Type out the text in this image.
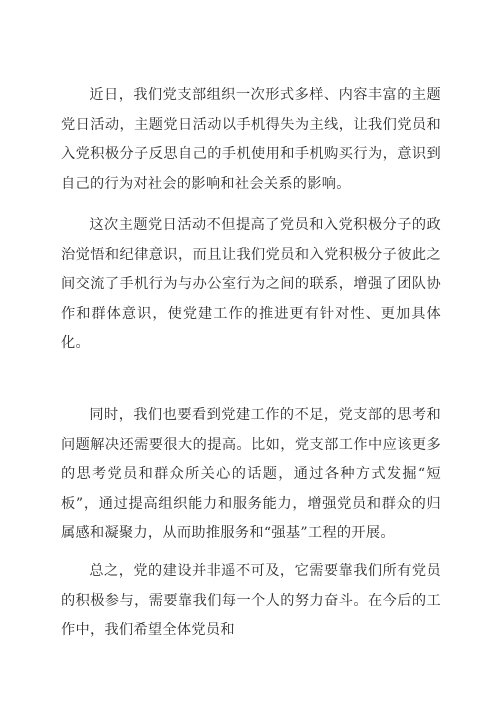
近日，我们党支部组织一次形式多样、内容丰富的主题党日活动，主题党日活动以手机得失为主线，让我们党员和入党积极分子反思自己的手机使用和手机购买行为，意识到自己的行为对社会的影响和社会关系的影响。

这次主题党日活动不但提高了党员和入党积极分子的政治觉悟和纪律意识，而且让我们党员和入党积极分子彼此之间交流了手机行为与办公室行为之间的联系，增强了团队协作和群体意识，使党建工作的推进更有针对性、更加具体化。

同时，我们也要看到党建工作的不足，党支部的思考和问题解决还需要很大的提高。比如，党支部工作中应该更多的思考党员和群众所关心的话题，通过各种方式发掘“短板”，通过提高组织能力和服务能力，增强党员和群众的归属感和凝聚力，从而助推服务和“强基”工程的开展。

总之，党的建设并非遥不可及，它需要靠我们所有党员的积极参与，需要靠我们每一个人的努力奋斗。在今后的工作中，我们希望全体党员和
